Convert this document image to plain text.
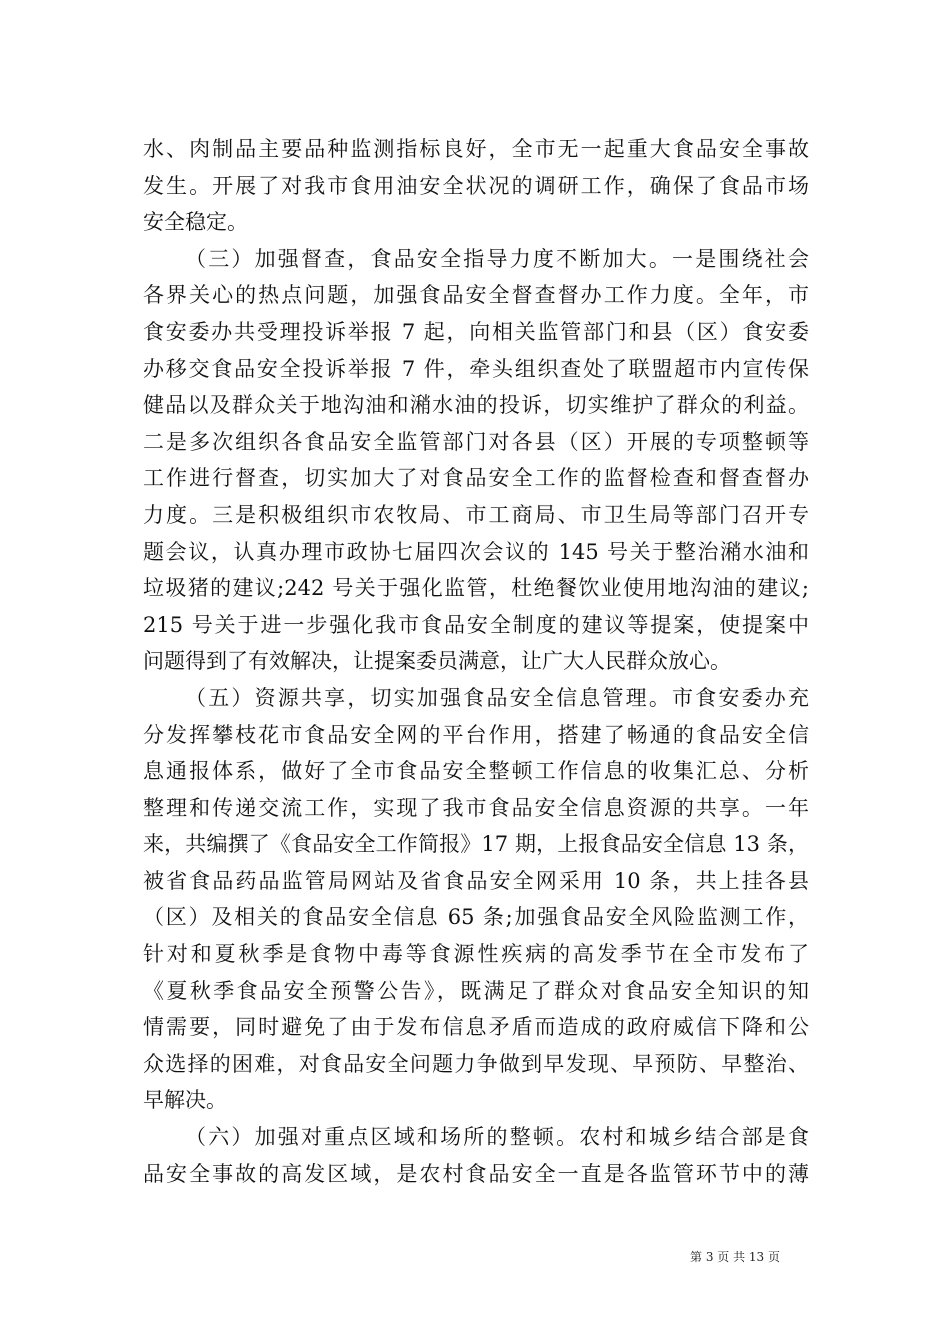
水、肉制品主要品种监测指标良好，全市无一起重大食品安全事故
发生。开展了对我市食用油安全状况的调研工作，确保了食品市场
安全稳定。
（三）加强督查，食品安全指导力度不断加大。一是围绕社会
各界关心的热点问题，加强食品安全督查督办工作力度。全年，市
食安委办共受理投诉举报 7 起，向相关监管部门和县（区）食安委
办移交食品安全投诉举报 7 件，牵头组织查处了联盟超市内宣传保
健品以及群众关于地沟油和潲水油的投诉，切实维护了群众的利益。
二是多次组织各食品安全监管部门对各县（区）开展的专项整顿等
工作进行督查，切实加大了对食品安全工作的监督检查和督查督办
力度。三是积极组织市农牧局、市工商局、市卫生局等部门召开专
题会议，认真办理市政协七届四次会议的 145 号关于整治潲水油和
垃圾猪的建议;242 号关于强化监管，杜绝餐饮业使用地沟油的建议;
215 号关于进一步强化我市食品安全制度的建议等提案，使提案中
问题得到了有效解决，让提案委员满意，让广大人民群众放心。
（五）资源共享，切实加强食品安全信息管理。市食安委办充
分发挥攀枝花市食品安全网的平台作用，搭建了畅通的食品安全信
息通报体系，做好了全市食品安全整顿工作信息的收集汇总、分析
整理和传递交流工作，实现了我市食品安全信息资源的共享。一年
来，共编撰了《食品安全工作简报》17 期，上报食品安全信息 13 条，
被省食品药品监管局网站及省食品安全网采用 10 条，共上挂各县
（区）及相关的食品安全信息 65 条;加强食品安全风险监测工作，
针对和夏秋季是食物中毒等食源性疾病的高发季节在全市发布了
《夏秋季食品安全预警公告》，既满足了群众对食品安全知识的知
情需要，同时避免了由于发布信息矛盾而造成的政府威信下降和公
众选择的困难，对食品安全问题力争做到早发现、早预防、早整治、
早解决。
（六）加强对重点区域和场所的整顿。农村和城乡结合部是食
品安全事故的高发区域，是农村食品安全一直是各监管环节中的薄
第 3 页 共 13 页
